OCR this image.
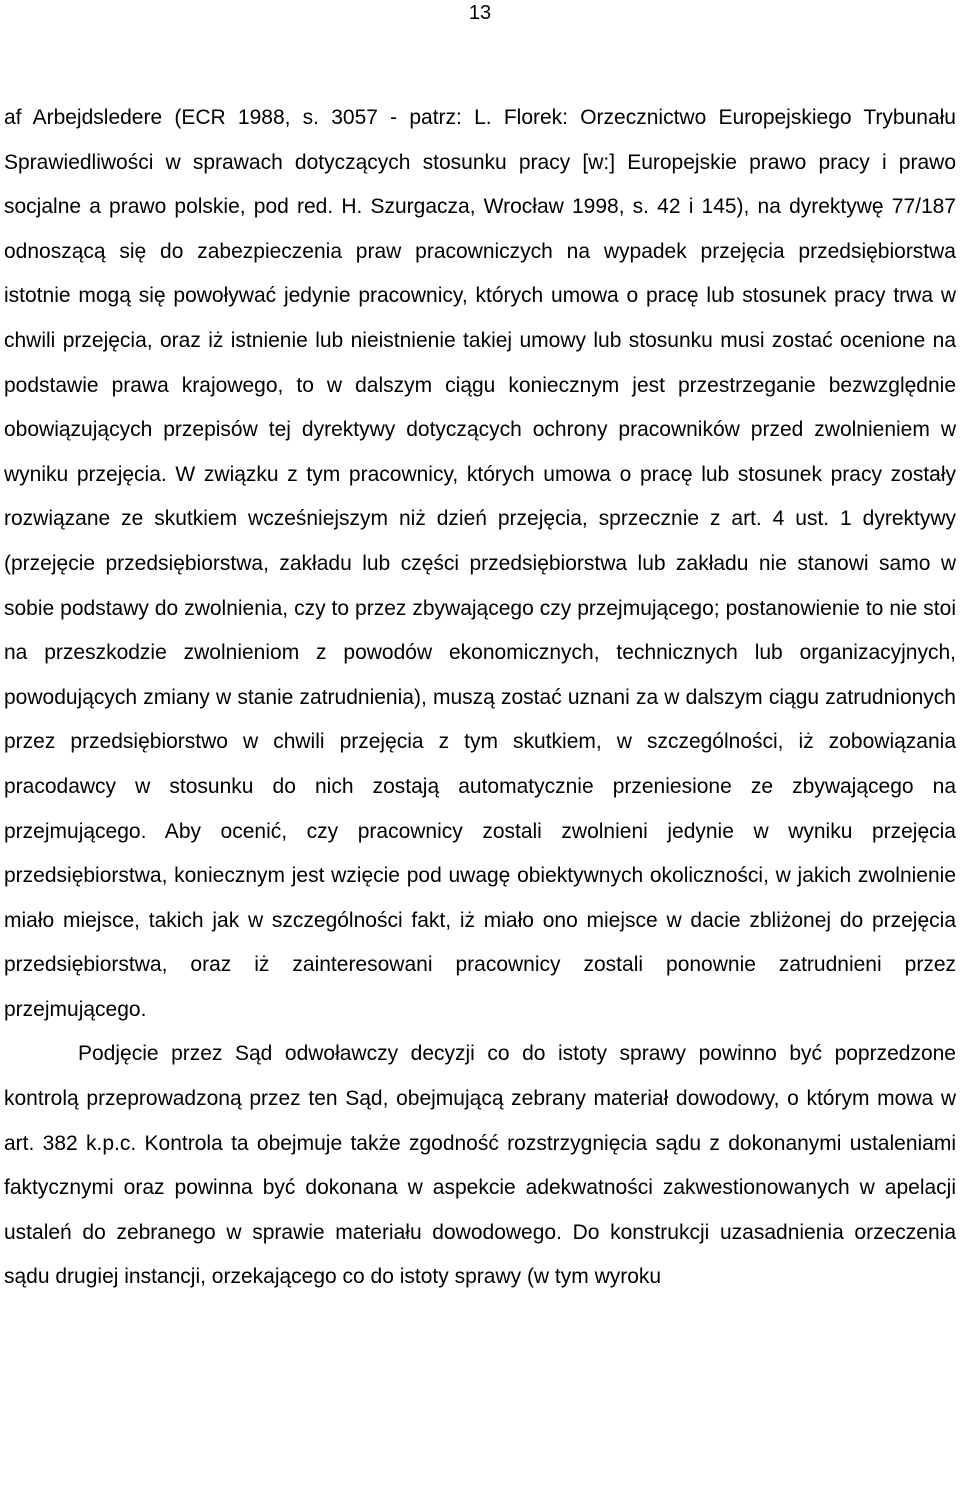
13

af Arbejdsledere (ECR 1988, s. 3057 - patrz: L. Florek: Orzecznictwo Europejskiego Trybunału Sprawiedliwości w sprawach dotyczących stosunku pracy [w:] Europejskie prawo pracy i prawo socjalne a prawo polskie, pod red. H. Szurgacza, Wrocław 1998, s. 42 i 145), na dyrektywę 77/187 odnoszącą się do zabezpieczenia praw pracowniczych na wypadek przejęcia przedsiębiorstwa istotnie mogą się powoływać jedynie pracownicy, których umowa o pracę lub stosunek pracy trwa w chwili przejęcia, oraz iż istnienie lub nieistnienie takiej umowy lub stosunku musi zostać ocenione na podstawie prawa krajowego, to w dalszym ciągu koniecznym jest przestrzeganie bezwzględnie obowiązujących przepisów tej dyrektywy dotyczących ochrony pracowników przed zwolnieniem w wyniku przejęcia. W związku z tym pracownicy, których umowa o pracę lub stosunek pracy zostały rozwiązane ze skutkiem wcześniejszym niż dzień przejęcia, sprzecznie z art. 4 ust. 1 dyrektywy (przejęcie przedsiębiorstwa, zakładu lub części przedsiębiorstwa lub zakładu nie stanowi samo w sobie podstawy do zwolnienia, czy to przez zbywającego czy przejmującego; postanowienie to nie stoi na przeszkodzie zwolnieniom z powodów ekonomicznych, technicznych lub organizacyjnych, powodujących zmiany w stanie zatrudnienia), muszą zostać uznani za w dalszym ciągu zatrudnionych przez przedsiębiorstwo w chwili przejęcia z tym skutkiem, w szczególności, iż zobowiązania pracodawcy w stosunku do nich zostają automatycznie przeniesione ze zbywającego na przejmującego. Aby ocenić, czy pracownicy zostali zwolnieni jedynie w wyniku przejęcia przedsiębiorstwa, koniecznym jest wzięcie pod uwagę obiektywnych okoliczności, w jakich zwolnienie miało miejsce, takich jak w szczególności fakt, iż miało ono miejsce w dacie zbliżonej do przejęcia przedsiębiorstwa, oraz iż zainteresowani pracownicy zostali ponownie zatrudnieni przez przejmującego.

Podjęcie przez Sąd odwoławczy decyzji co do istoty sprawy powinno być poprzedzone kontrolą przeprowadzoną przez ten Sąd, obejmującą zebrany materiał dowodowy, o którym mowa w art. 382 k.p.c. Kontrola ta obejmuje także zgodność rozstrzygnięcia sądu z dokonanymi ustaleniami faktycznymi oraz powinna być dokonana w aspekcie adekwatności zakwestionowanych w apelacji ustaleń do zebranego w sprawie materiału dowodowego. Do konstrukcji uzasadnienia orzeczenia sądu drugiej instancji, orzekającego co do istoty sprawy (w tym wyroku
